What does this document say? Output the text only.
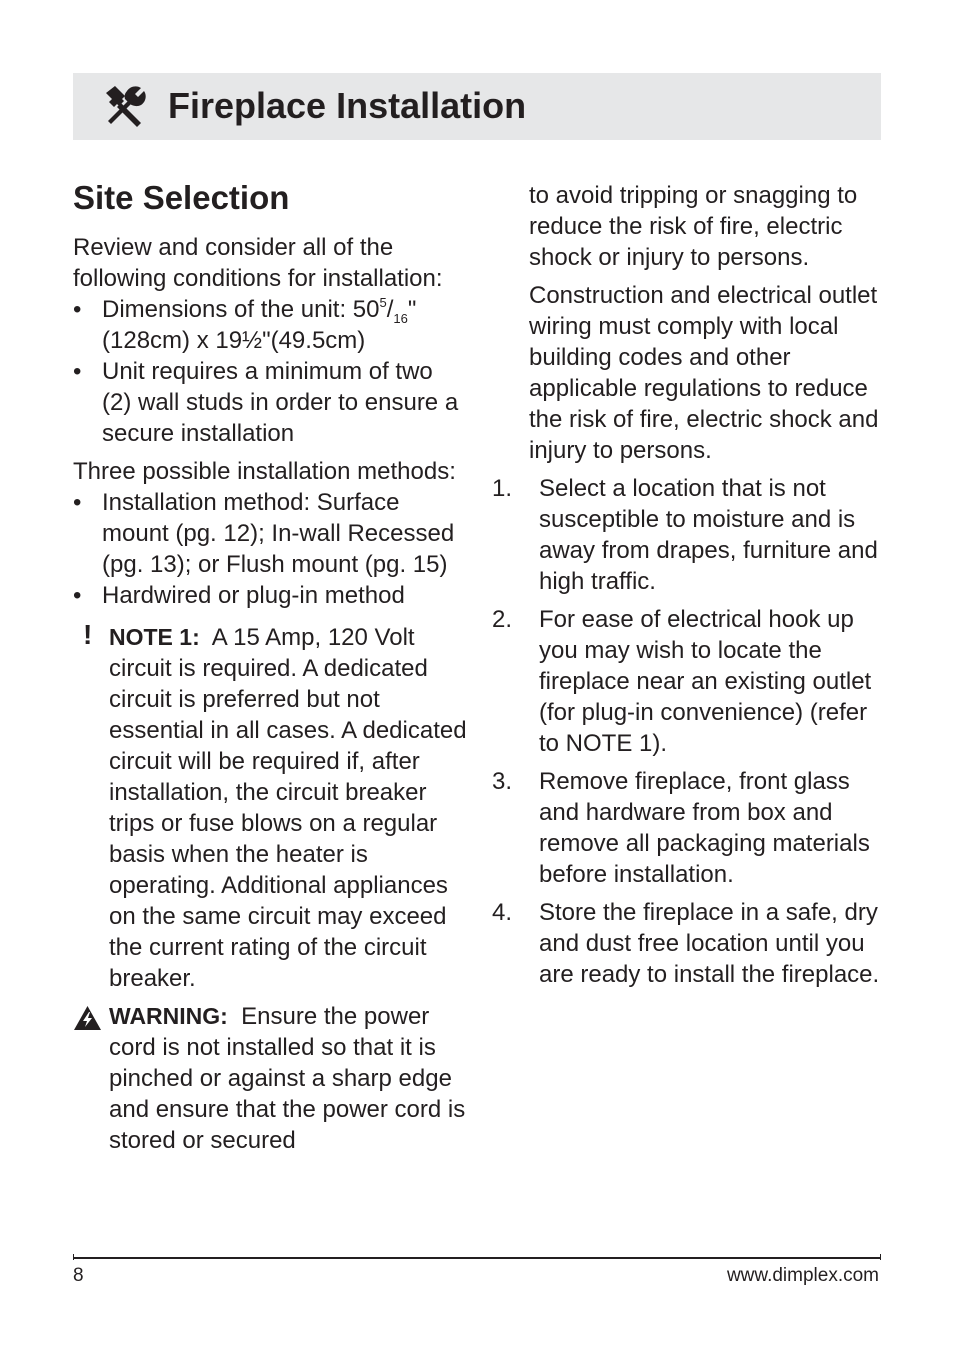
Fireplace Installation
Site Selection

Review and consider all of the following conditions for installation:

• Dimensions of the unit: $50^5/_{16}$" (128cm) x 19½"(49.5cm)
• Unit requires a minimum of two (2) wall studs in order to ensure a secure installation

Three possible installation methods:

• Installation method: Surface mount (pg. 12); In-wall Recessed (pg. 13); or Flush mount (pg. 15)
• Hardwired or plug-in method
! NOTE 1: A 15 Amp, 120 Volt circuit is required. A dedicated circuit is preferred but not essential in all cases. A dedicated circuit will be required if, after installation, the circuit breaker trips or fuse blows on a regular basis when the heater is operating. Additional appliances on the same circuit may exceed the current rating of the circuit breaker.
WARNING: Ensure the power cord is not installed so that it is pinched or against a sharp edge and ensure that the power cord is stored or secured

to avoid tripping or snagging to reduce the risk of fire, electric shock or injury to persons.

Construction and electrical outlet wiring must comply with local building codes and other applicable regulations to reduce the risk of fire, electric shock and injury to persons.

1. Select a location that is not susceptible to moisture and is away from drapes, furniture and high traffic.
2. For ease of electrical hook up you may wish to locate the fireplace near an existing outlet (for plug-in convenience) (refer to NOTE 1).
3. Remove fireplace, front glass and hardware from box and remove all packaging materials before installation.
4. Store the fireplace in a safe, dry and dust free location until you are ready to install the fireplace.
8	www.dimplex.com
